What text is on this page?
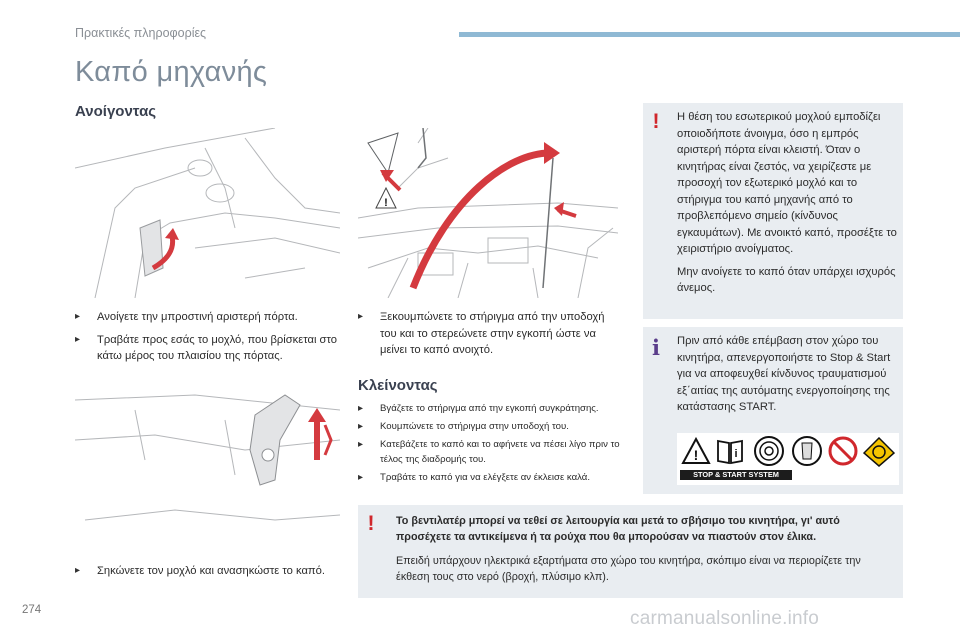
Πρακτικές πληροφορίες
Καπό μηχανής
Ανοίγοντας
!
▸ Ανοίγετε την μπροστινή αριστερή πόρτα.
▸ Τραβάτε προς εσάς το μοχλό, που βρίσκεται στο κάτω μέρος του πλαισίου της πόρτας.
▸ Ξεκουμπώνετε το στήριγμα από την υποδοχή του και το στερεώνετε στην εγκοπή ώστε να μείνει το καπό ανοιχτό.
Κλείνοντας
▸ Βγάζετε το στήριγμα από την εγκοπή συγκράτησης.
▸ Κουμπώνετε το στήριγμα στην υποδοχή του.
▸ Κατεβάζετε το καπό και το αφήνετε να πέσει λίγο πριν το τέλος της διαδρομής του.
▸ Τραβάτε το καπό για να ελέγξετε αν έκλεισε καλά.
▸ Σηκώνετε τον μοχλό και ανασηκώστε το καπό.
!	Η θέση του εσωτερικού μοχλού εμποδίζει οποιοδήποτε άνοιγμα, όσο η εμπρός αριστερή πόρτα είναι κλειστή. Όταν ο κινητήρας είναι ζεστός, να χειρίζεστε με προσοχή τον εξωτερικό μοχλό και το στήριγμα του καπό μηχανής από το προβλεπόμενο σημείο (κίνδυνος εγκαυμάτων). Με ανοικτό καπό, προσέξτε το χειριστήριο ανοίγματος.

Μην ανοίγετε το καπό όταν υπάρχει ισχυρός άνεμος.

i Πριν από κάθε επέμβαση στον χώρο του κινητήρα, απενεργοποιήστε το Stop & Start για να αποφευχθεί κίνδυνος τραυματισμού εξ΄αιτίας της αυτόματης ενεργοποίησης της κατάστασης START.
!	i
STOP & START SYSTEM
!	Το βεντιλατέρ μπορεί να τεθεί σε λειτουργία και μετά το σβήσιμο του κινητήρα, γι' αυτό προσέχετε τα αντικείμενα ή τα ρούχα που θα μπορούσαν να πιαστούν στον έλικα.
Επειδή υπάρχουν ηλεκτρικά εξαρτήματα στο χώρο του κινητήρα, σκόπιμο είναι να περιορίζετε την έκθεση τους στο νερό (βροχή, πλύσιμο κλπ).
274	carmanualsonline.info
